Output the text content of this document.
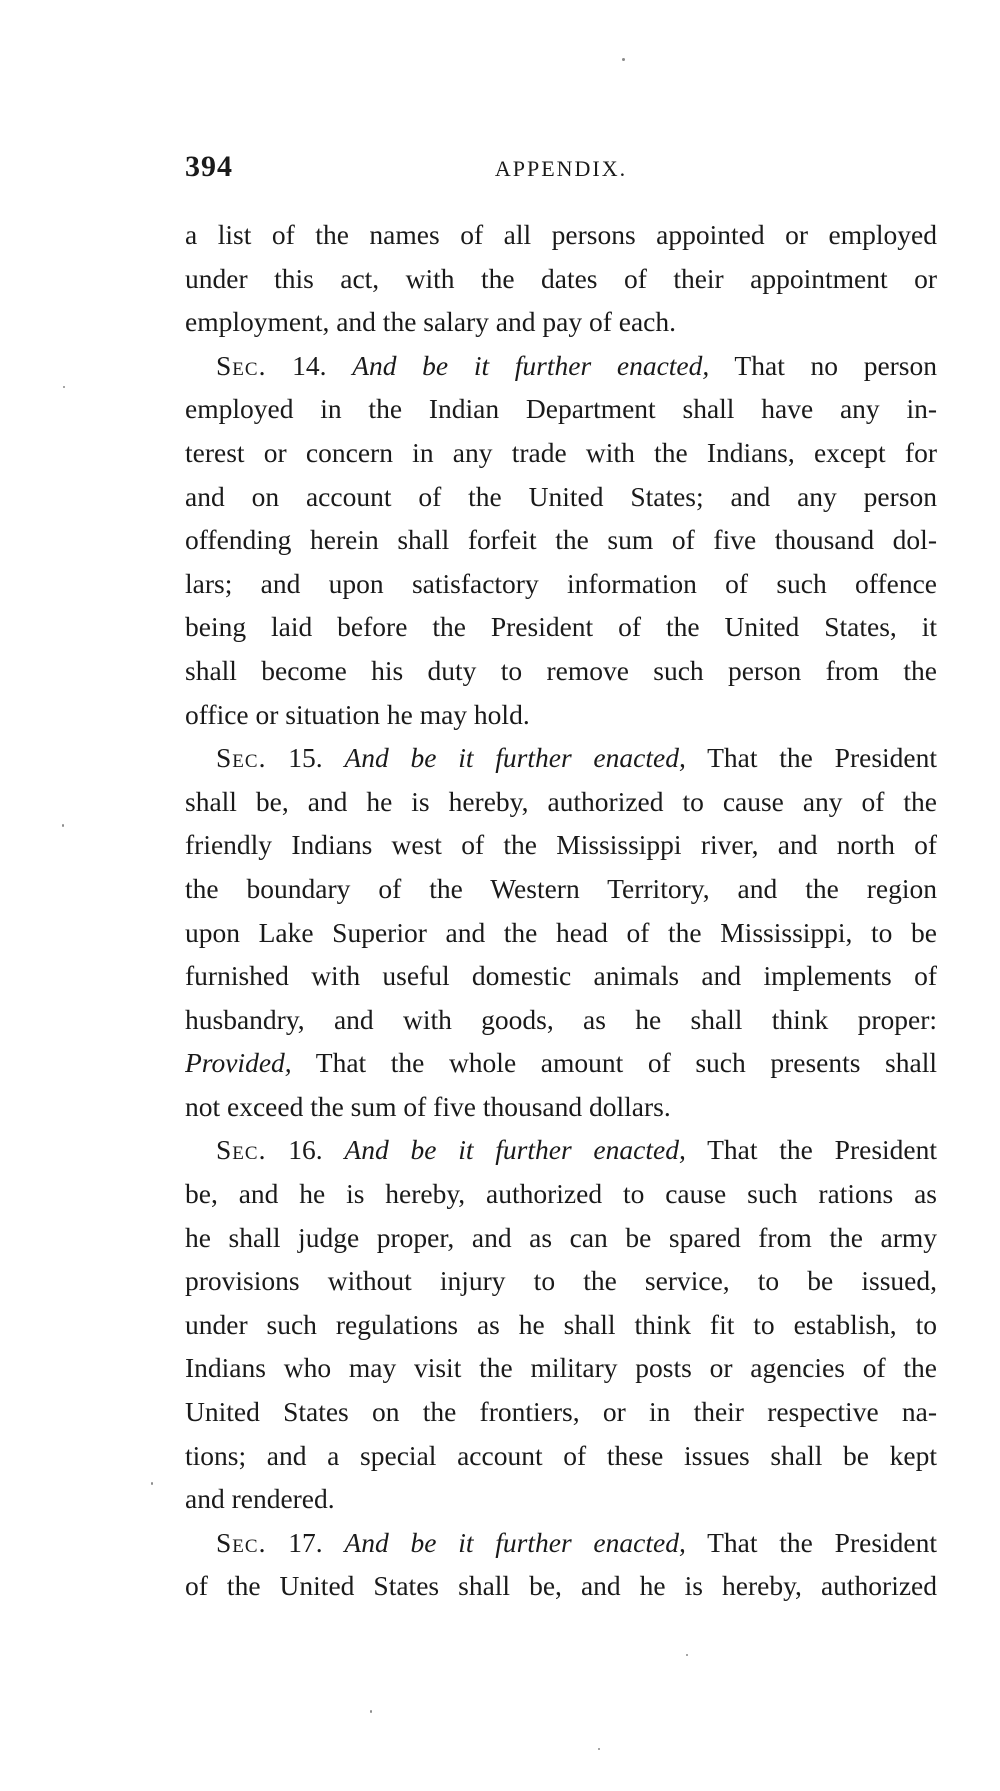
394	APPENDIX.
a list of the names of all persons appointed or employed
under this act, with the dates of their appointment or
employment, and the salary and pay of each.
Sec. 14. And be it further enacted, That no person
employed in the Indian Department shall have any in-
terest or concern in any trade with the Indians, except for
and on account of the United States; and any person
offending herein shall forfeit the sum of five thousand dol-
lars; and upon satisfactory information of such offence
being laid before the President of the United States, it
shall become his duty to remove such person from the
office or situation he may hold.
Sec. 15. And be it further enacted, That the President
shall be, and he is hereby, authorized to cause any of the
friendly Indians west of the Mississippi river, and north of
the boundary of the Western Territory, and the region
upon Lake Superior and the head of the Mississippi, to be
furnished with useful domestic animals and implements of
husbandry, and with goods, as he shall think proper:
Provided, That the whole amount of such presents shall
not exceed the sum of five thousand dollars.
Sec. 16. And be it further enacted, That the President
be, and he is hereby, authorized to cause such rations as
he shall judge proper, and as can be spared from the army
provisions without injury to the service, to be issued,
under such regulations as he shall think fit to establish, to
Indians who may visit the military posts or agencies of the
United States on the frontiers, or in their respective na-
tions; and a special account of these issues shall be kept
and rendered.
Sec. 17. And be it further enacted, That the President
of the United States shall be, and he is hereby, authorized
